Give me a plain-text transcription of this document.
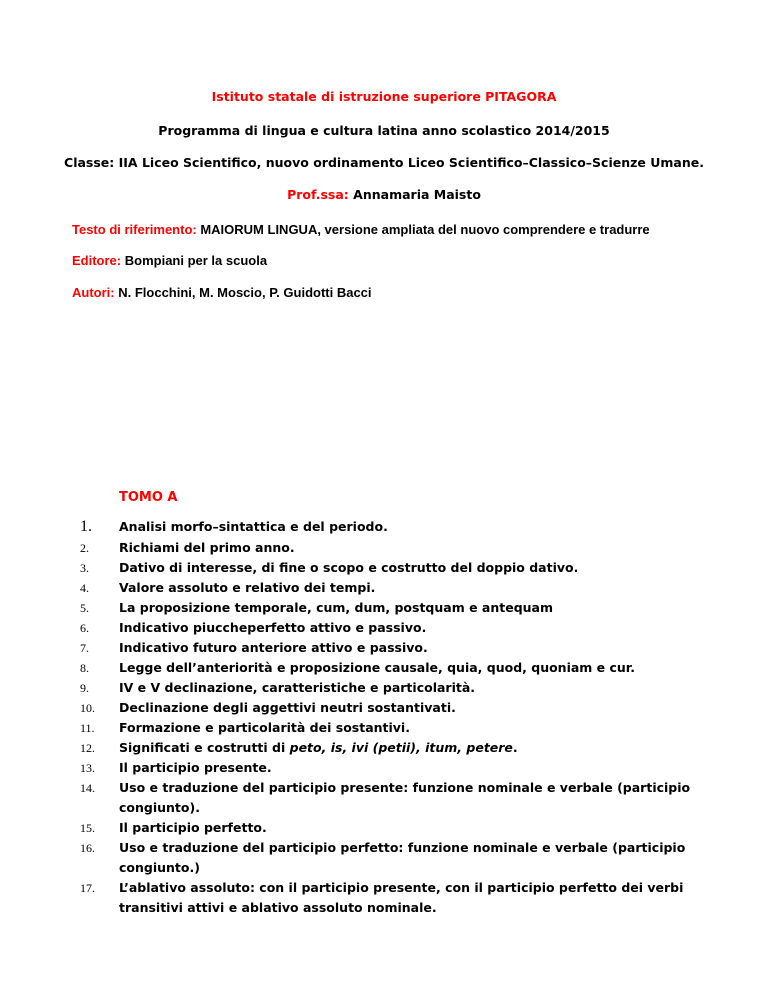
Istituto statale di istruzione superiore PITAGORA
Programma di lingua e cultura latina anno scolastico 2014/2015
Classe: IIA Liceo Scientifico, nuovo ordinamento Liceo Scientifico–Classico–Scienze Umane.
Prof.ssa: Annamaria Maisto
Testo di riferimento: MAIORUM LINGUA, versione ampliata del nuovo comprendere e tradurre
Editore: Bompiani per la scuola
Autori: N. Flocchini, M. Moscio, P. Guidotti Bacci
TOMO A
1. Analisi morfo–sintattica e del periodo.
2. Richiami del primo anno.
3. Dativo di interesse, di fine o scopo e costrutto del doppio dativo.
4. Valore assoluto e relativo dei tempi.
5. La proposizione temporale, cum, dum, postquam e antequam
6. Indicativo piuccheperfetto attivo e passivo.
7. Indicativo futuro anteriore attivo e passivo.
8. Legge dell’anteriorità e proposizione causale, quia, quod, quoniam e cur.
9. IV e V declinazione, caratteristiche e particolarità.
10. Declinazione degli aggettivi neutri sostantivati.
11. Formazione e particolarità dei sostantivi.
12. Significati e costrutti di peto, is, ivi (petii), itum, petere.
13. Il participio presente.
14. Uso e traduzione del participio presente: funzione nominale e verbale (participio congiunto).
15. Il participio perfetto.
16. Uso e traduzione del participio perfetto: funzione nominale e verbale (participio congiunto.)
17. L’ablativo assoluto: con il participio presente, con il participio perfetto dei verbi transitivi attivi e ablativo assoluto nominale.
